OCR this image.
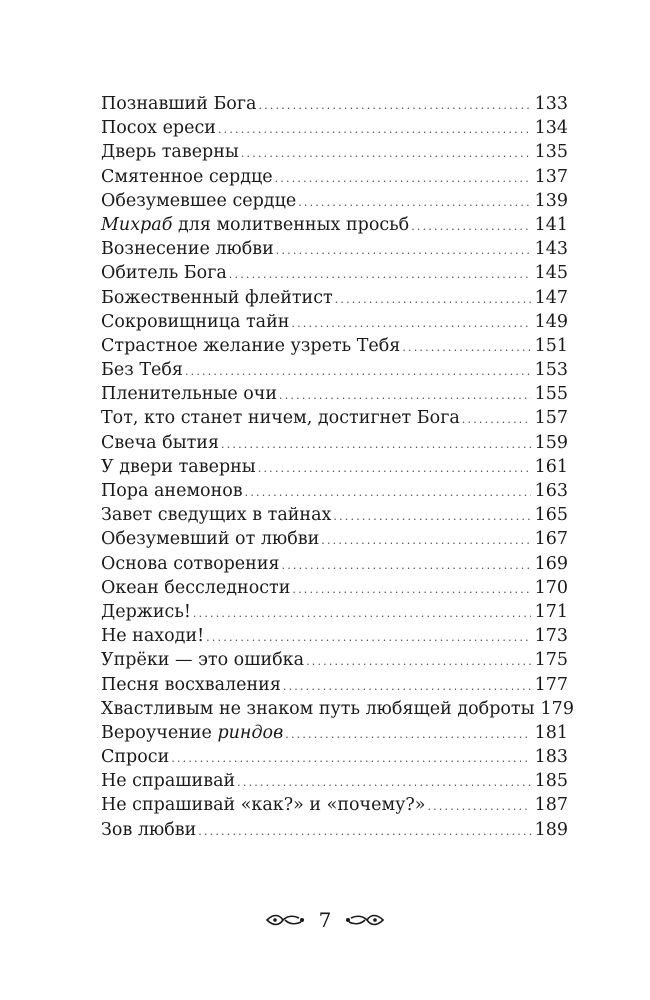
Познавший Бога .....	133
Посох ереси .....	134
Дверь таверны .....	135
Смятенное сердце .....	137
Обезумевшее сердце .....	139
Михраб для молитвенных просьб .....	141
Вознесение любви .....	143
Обитель Бога .....	145
Божественный флейтист .....	147
Сокровищница тайн .....	149
Страстное желание узреть Тебя .....	151
Без Тебя .....	153
Пленительные очи .....	155
Тот, кто станет ничем, достигнет Бога .....	157
Свеча бытия .....	159
У двери таверны .....	161
Пора анемонов .....	163
Завет сведущих в тайнах .....	165
Обезумевший от любви .....	167
Основа сотворения .....	169
Океан бесследности .....	170
Держись! .....	171
Не находи! .....	173
Упрёки — это ошибка .....	175
Песня восхваления .....	177
Хвастливым не знаком путь любящей доброты 179
Вероучение риндов .....	181
Спроси .....	183
Не спрашивай .....	185
Не спрашивай «как?» и «почему?» .....	187
Зов любви .....	189
7
